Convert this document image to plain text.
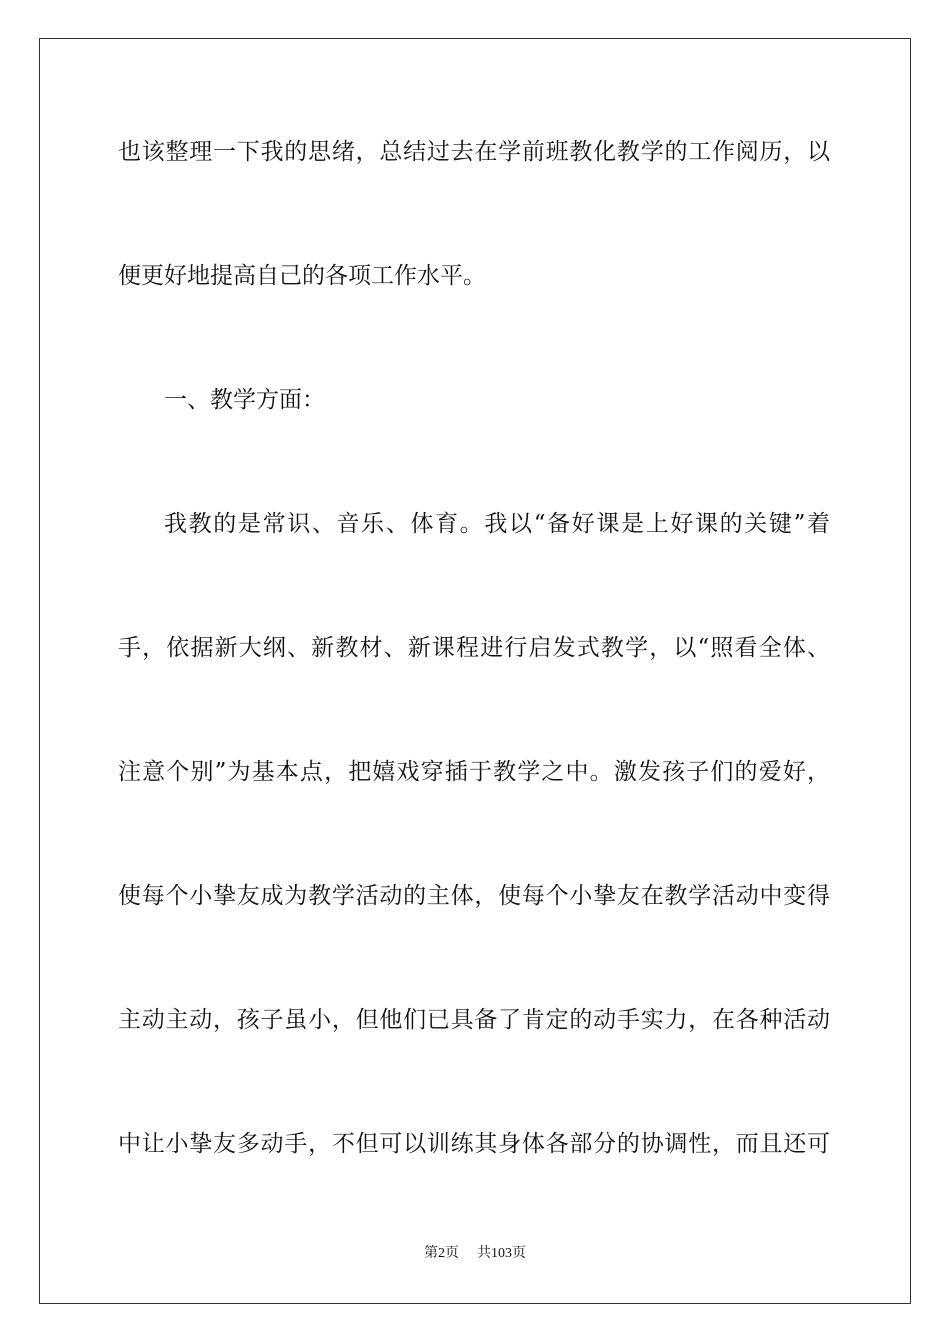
也该整理一下我的思绪，总结过去在学前班教化教学的工作阅历，以
便更好地提高自己的各项工作水平。
一、教学方面：
我教的是常识、音乐、体育。我以“备好课是上好课的关键”着
手，依据新大纲、新教材、新课程进行启发式教学，以“照看全体、
注意个别”为基本点，把嬉戏穿插于教学之中。激发孩子们的爱好，
使每个小挚友成为教学活动的主体，使每个小挚友在教学活动中变得
主动主动，孩子虽小，但他们已具备了肯定的动手实力，在各种活动
中让小挚友多动手，不但可以训练其身体各部分的协调性，而且还可
第2页 共103页
